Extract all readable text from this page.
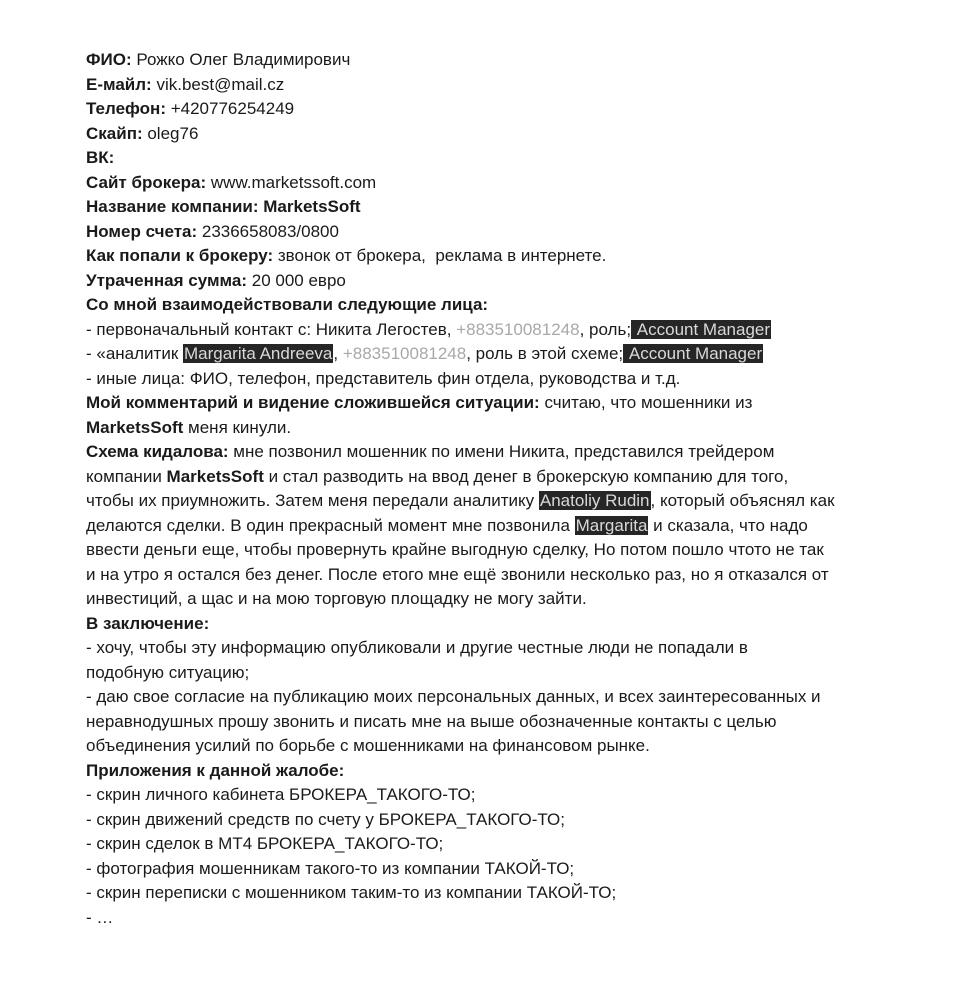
ФИО: Рожко Олег Владимирович
E-майл: vik.best@mail.cz
Телефон: +420776254249
Скайп: oleg76
ВК:
Сайт брокера: www.marketssoft.com
Название компании: MarketsSoft
Номер счета: 2336658083/0800
Как попали к брокеру: звонок от брокера,  реклама в интернете.
Утраченная сумма: 20 000 евро
Со мной взаимодействовали следующие лица:
- первоначальный контакт с: Никита Легостев, +883510081248, роль; Account Manager
- «аналитик Margarita Andreeva, +883510081248, роль в этой схеме; Account Manager
- иные лица: ФИО, телефон, представитель фин отдела, руководства и т.д.
Мой комментарий и видение сложившейся ситуации: считаю, что мошенники из MarketsSoft меня кинули.
Схема кидалова: мне позвонил мошенник по имени Никита, представился трейдером компании MarketsSoft и стал разводить на ввод денег в брокерскую компанию для того, чтобы их приумножить. Затем меня передали аналитику Anatoliy Rudin, который объяснял как делаются сделки. В один прекрасный момент мне позвонила Margarita и сказала, что надо ввести деньги еще, чтобы провернуть крайне выгодную сделку, Но потом пошло чтото не так и на утро я остался без денег. После етого мне ещё звонили несколько раз, но я отказался от инвестиций, а щас и на мою торговую площадку не могу зайти.
В заключение:
- хочу, чтобы эту информацию опубликовали и другие честные люди не попадали в подобную ситуацию;
- даю свое согласие на публикацию моих персональных данных, и всех заинтересованных и неравнодушных прошу звонить и писать мне на выше обозначенные контакты с целью объединения усилий по борьбе с мошенниками на финансовом рынке.
Приложения к данной жалобе:
- скрин личного кабинета БРОКЕРА_ТАКОГО-ТО;
- скрин движений средств по счету у БРОКЕРА_ТАКОГО-ТО;
- скрин сделок в МТ4 БРОКЕРА_ТАКОГО-ТО;
- фотография мошенникам такого-то из компании ТАКОЙ-ТО;
- скрин переписки с мошенником таким-то из компании ТАКОЙ-ТО;
- …
